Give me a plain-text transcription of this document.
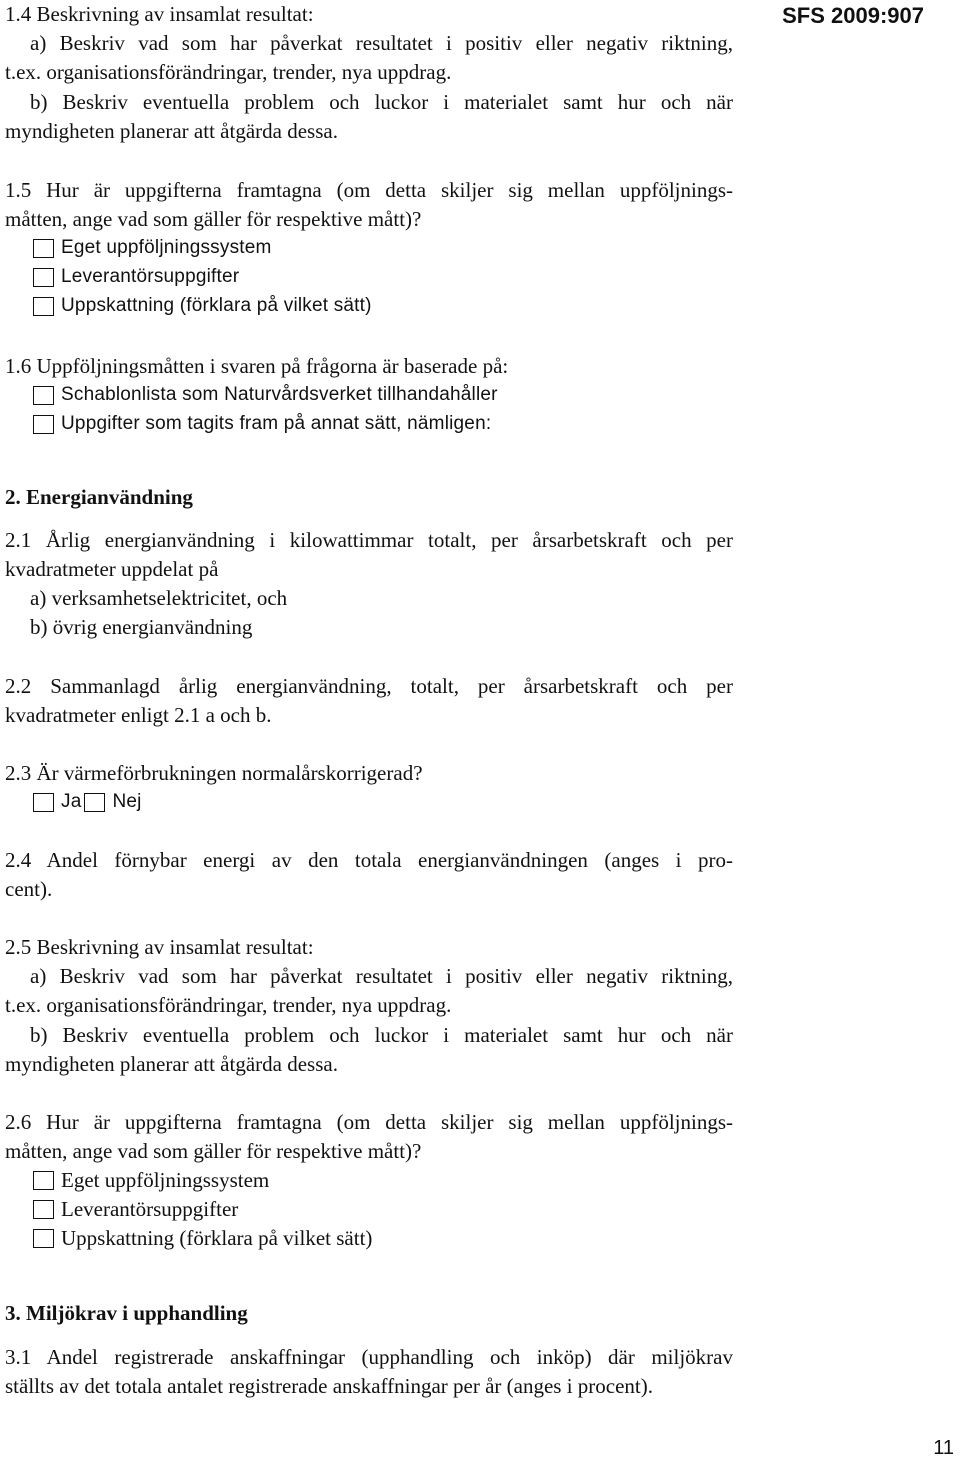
SFS 2009:907
1.4 Beskrivning av insamlat resultat:
a) Beskriv vad som har påverkat resultatet i positiv eller negativ riktning,
t.ex. organisationsförändringar, trender, nya uppdrag.
b) Beskriv eventuella problem och luckor i materialet samt hur och när
myndigheten planerar att åtgärda dessa.
1.5 Hur är uppgifterna framtagna (om detta skiljer sig mellan uppföljnings-
måtten, ange vad som gäller för respektive mått)?
Eget uppföljningssystem
Leverantörsuppgifter
Uppskattning (förklara på vilket sätt)
1.6 Uppföljningsmåtten i svaren på frågorna är baserade på:
Schablonlista som Naturvårdsverket tillhandahåller
Uppgifter som tagits fram på annat sätt, nämligen:
2. Energianvändning
2.1 Årlig energianvändning i kilowattimmar totalt, per årsarbetskraft och per
kvadratmeter uppdelat på
a) verksamhetselektricitet, och
b) övrig energianvändning
2.2 Sammanlagd årlig energianvändning, totalt, per årsarbetskraft och per
kvadratmeter enligt 2.1 a och b.
2.3 Är värmeförbrukningen normalårskorrigerad?
Ja Nej
2.4 Andel förnybar energi av den totala energianvändningen (anges i pro-
cent).
2.5 Beskrivning av insamlat resultat:
a) Beskriv vad som har påverkat resultatet i positiv eller negativ riktning,
t.ex. organisationsförändringar, trender, nya uppdrag.
b) Beskriv eventuella problem och luckor i materialet samt hur och när
myndigheten planerar att åtgärda dessa.
2.6 Hur är uppgifterna framtagna (om detta skiljer sig mellan uppföljnings-
måtten, ange vad som gäller för respektive mått)?
Eget uppföljningssystem
Leverantörsuppgifter
Uppskattning (förklara på vilket sätt)
3. Miljökrav i upphandling
3.1 Andel registrerade anskaffningar (upphandling och inköp) där miljökrav
ställts av det totala antalet registrerade anskaffningar per år (anges i procent).
11
